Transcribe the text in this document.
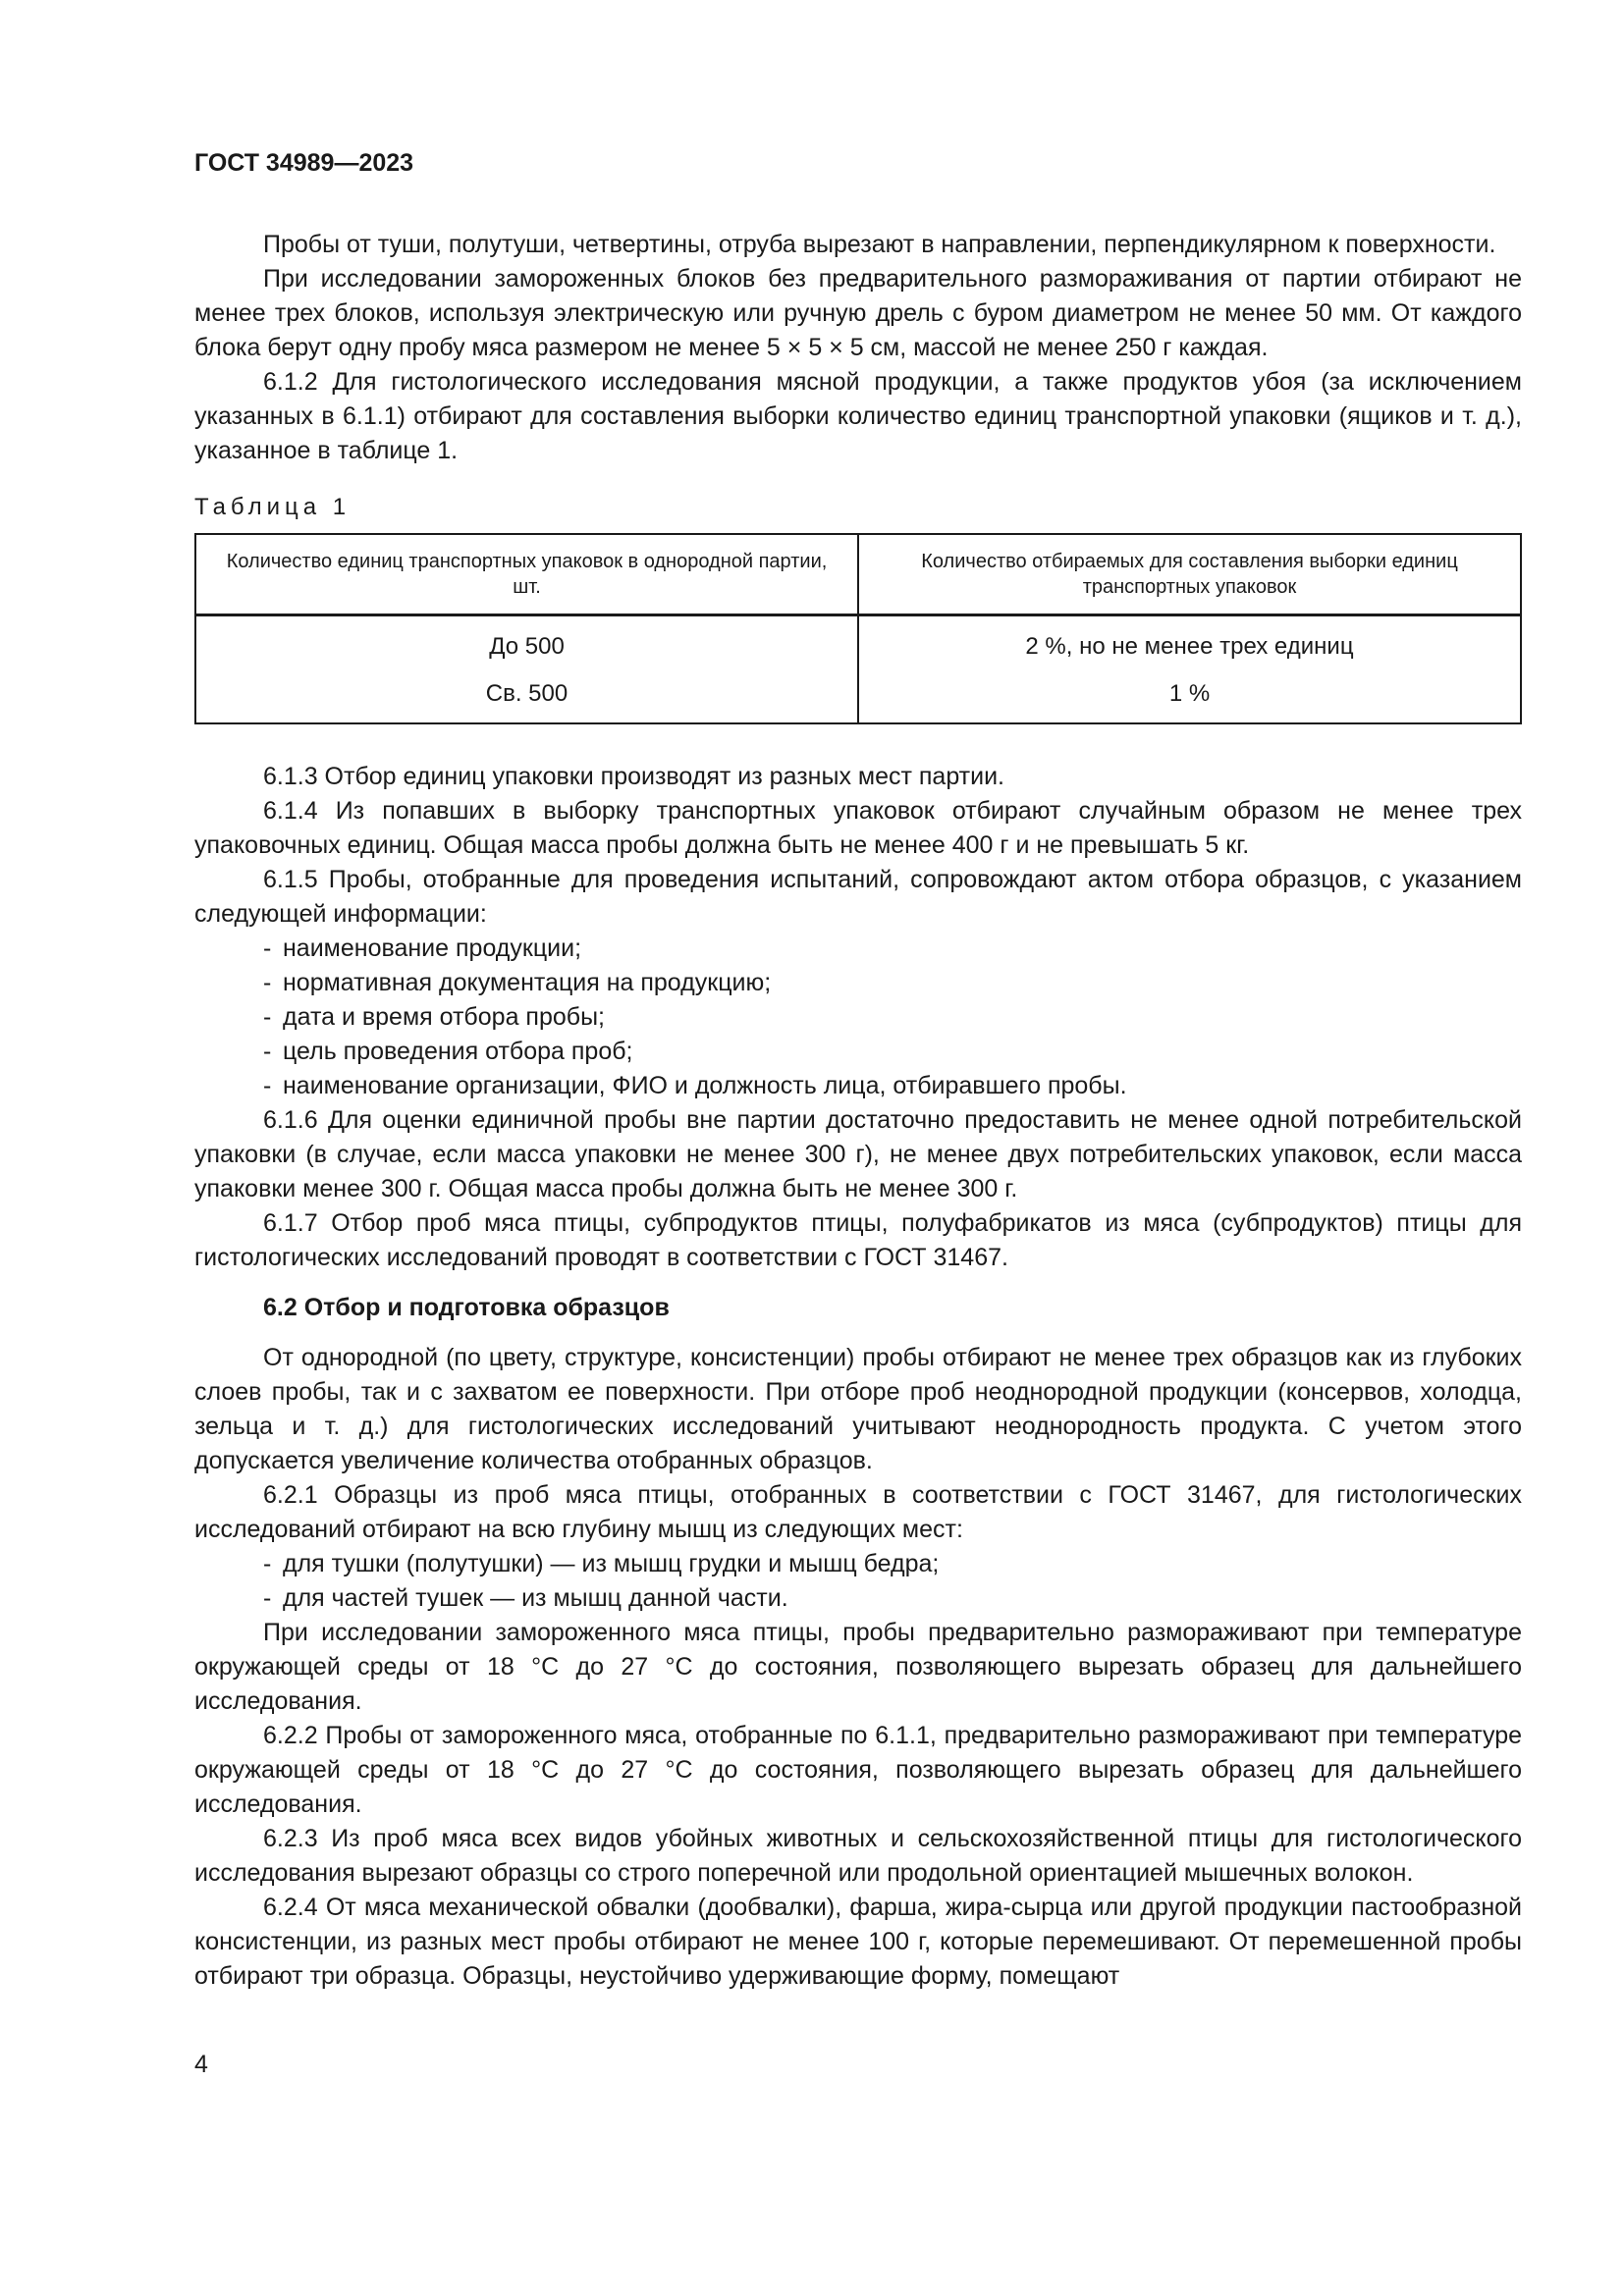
ГОСТ 34989—2023

Пробы от туши, полутуши, четвертины, отруба вырезают в направлении, перпендикулярном к поверхности.

При исследовании замороженных блоков без предварительного размораживания от партии отбирают не менее трех блоков, используя электрическую или ручную дрель с буром диаметром не менее 50 мм. От каждого блока берут одну пробу мяса размером не менее 5 × 5 × 5 см, массой не менее 250 г каждая.

6.1.2 Для гистологического исследования мясной продукции, а также продуктов убоя (за исключением указанных в 6.1.1) отбирают для составления выборки количество единиц транспортной упаковки (ящиков и т. д.), указанное в таблице 1.

Таблица 1
Количество единиц транспортных упаковок в однородной партии, шт.	Количество отбираемых для составления выборки единиц транспортных упаковок
До 500	2 %, но не менее трех единиц
Св. 500	1 %

6.1.3 Отбор единиц упаковки производят из разных мест партии.

6.1.4 Из попавших в выборку транспортных упаковок отбирают случайным образом не менее трех упаковочных единиц. Общая масса пробы должна быть не менее 400 г и не превышать 5 кг.

6.1.5 Пробы, отобранные для проведения испытаний, сопровождают актом отбора образцов, с указанием следующей информации:

- наименование продукции;
- нормативная документация на продукцию;
- дата и время отбора пробы;
- цель проведения отбора проб;
- наименование организации, ФИО и должность лица, отбиравшего пробы.

6.1.6 Для оценки единичной пробы вне партии достаточно предоставить не менее одной потребительской упаковки (в случае, если масса упаковки не менее 300 г), не менее двух потребительских упаковок, если масса упаковки менее 300 г. Общая масса пробы должна быть не менее 300 г.

6.1.7 Отбор проб мяса птицы, субпродуктов птицы, полуфабрикатов из мяса (субпродуктов) птицы для гистологических исследований проводят в соответствии с ГОСТ 31467.

6.2 Отбор и подготовка образцов

От однородной (по цвету, структуре, консистенции) пробы отбирают не менее трех образцов как из глубоких слоев пробы, так и с захватом ее поверхности. При отборе проб неоднородной продукции (консервов, холодца, зельца и т. д.) для гистологических исследований учитывают неоднородность продукта. С учетом этого допускается увеличение количества отобранных образцов.

6.2.1 Образцы из проб мяса птицы, отобранных в соответствии с ГОСТ 31467, для гистологических исследований отбирают на всю глубину мышц из следующих мест:

- для тушки (полутушки) — из мышц грудки и мышц бедра;
- для частей тушек — из мышц данной части.

При исследовании замороженного мяса птицы, пробы предварительно размораживают при температуре окружающей среды от 18 °С до 27 °С до состояния, позволяющего вырезать образец для дальнейшего исследования.

6.2.2 Пробы от замороженного мяса, отобранные по 6.1.1, предварительно размораживают при температуре окружающей среды от 18 °С до 27 °С до состояния, позволяющего вырезать образец для дальнейшего исследования.

6.2.3 Из проб мяса всех видов убойных животных и сельскохозяйственной птицы для гистологического исследования вырезают образцы со строго поперечной или продольной ориентацией мышечных волокон.

6.2.4 От мяса механической обвалки (дообвалки), фарша, жира-сырца или другой продукции пастообразной консистенции, из разных мест пробы отбирают не менее 100 г, которые перемешивают. От перемешенной пробы отбирают три образца. Образцы, неустойчиво удерживающие форму, помещают

4
